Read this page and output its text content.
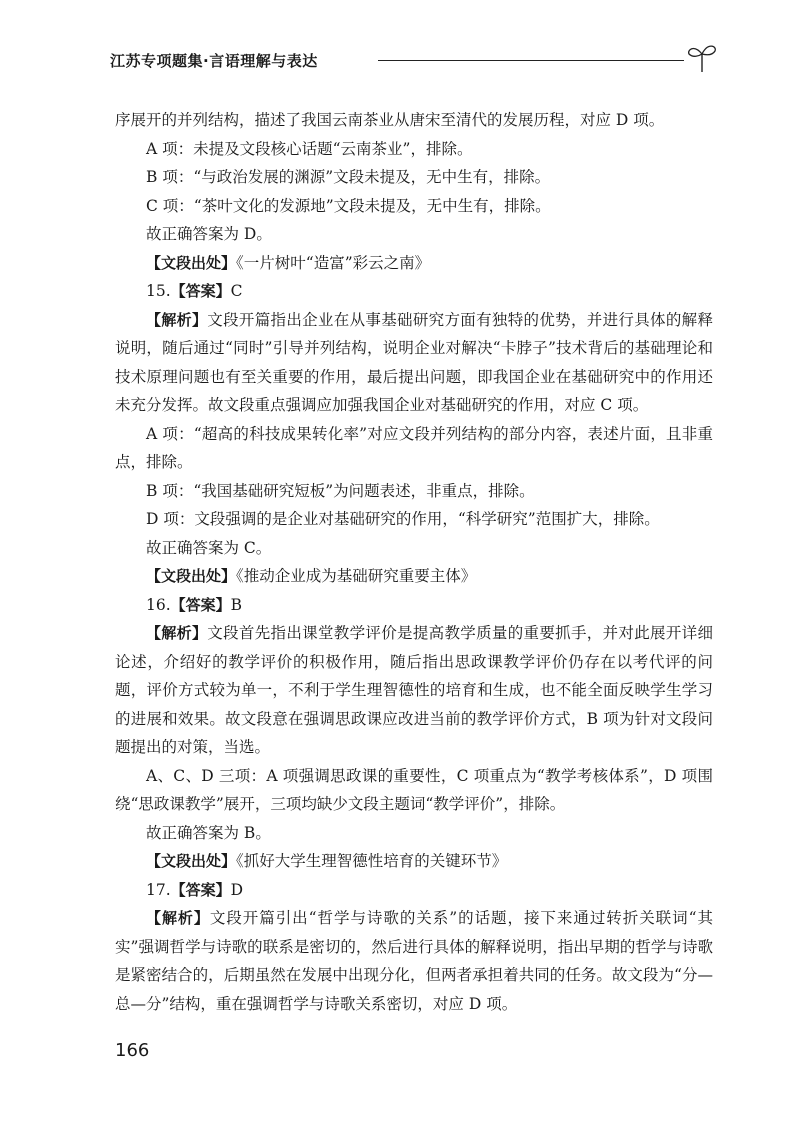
江苏专项题集·言语理解与表达

序展开的并列结构，描述了我国云南茶业从唐宋至清代的发展历程，对应 D 项。

A 项：未提及文段核心话题“云南茶业”，排除。

B 项：“与政治发展的渊源”文段未提及，无中生有，排除。

C 项：“茶叶文化的发源地”文段未提及，无中生有，排除。

故正确答案为 D。

【文段出处】《一片树叶“造富”彩云之南》

15.【答案】C

【解析】文段开篇指出企业在从事基础研究方面有独特的优势，并进行具体的解释说明，随后通过“同时”引导并列结构，说明企业对解决“卡脖子”技术背后的基础理论和技术原理问题也有至关重要的作用，最后提出问题，即我国企业在基础研究中的作用还未充分发挥。故文段重点强调应加强我国企业对基础研究的作用，对应 C 项。

A 项：“超高的科技成果转化率”对应文段并列结构的部分内容，表述片面，且非重点，排除。

B 项：“我国基础研究短板”为问题表述，非重点，排除。

D 项：文段强调的是企业对基础研究的作用，“科学研究”范围扩大，排除。

故正确答案为 C。

【文段出处】《推动企业成为基础研究重要主体》

16.【答案】B

【解析】文段首先指出课堂教学评价是提高教学质量的重要抓手，并对此展开详细论述，介绍好的教学评价的积极作用，随后指出思政课教学评价仍存在以考代评的问题，评价方式较为单一，不利于学生理智德性的培育和生成，也不能全面反映学生学习的进展和效果。故文段意在强调思政课应改进当前的教学评价方式，B 项为针对文段问题提出的对策，当选。

A、C、D 三项：A 项强调思政课的重要性，C 项重点为“教学考核体系”，D 项围绕“思政课教学”展开，三项均缺少文段主题词“教学评价”，排除。

故正确答案为 B。

【文段出处】《抓好大学生理智德性培育的关键环节》

17.【答案】D

【解析】文段开篇引出“哲学与诗歌的关系”的话题，接下来通过转折关联词“其实”强调哲学与诗歌的联系是密切的，然后进行具体的解释说明，指出早期的哲学与诗歌是紧密结合的，后期虽然在发展中出现分化，但两者承担着共同的任务。故文段为“分—总—分”结构，重在强调哲学与诗歌关系密切，对应 D 项。

166
